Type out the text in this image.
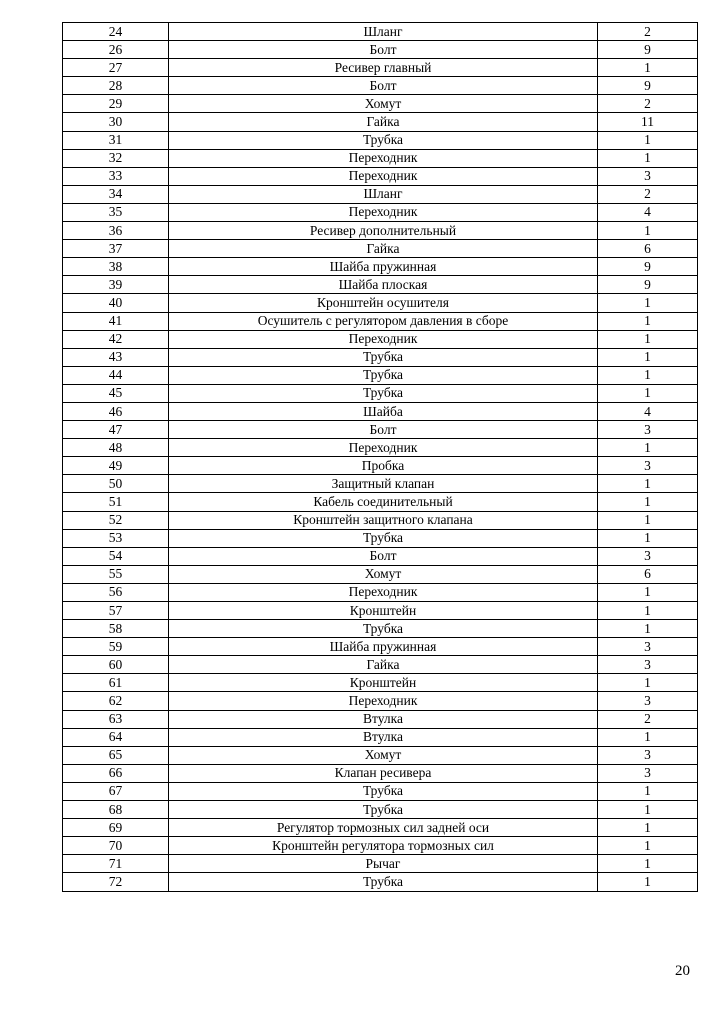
24	Шланг	2
26	Болт	9
27	Ресивер главный	1
28	Болт	9
29	Хомут	2
30	Гайка	11
31	Трубка	1
32	Переходник	1
33	Переходник	3
34	Шланг	2
35	Переходник	4
36	Ресивер дополнительный	1
37	Гайка	6
38	Шайба пружинная	9
39	Шайба плоская	9
40	Кронштейн осушителя	1
41	Осушитель с регулятором давления в сборе	1
42	Переходник	1
43	Трубка	1
44	Трубка	1
45	Трубка	1
46	Шайба	4
47	Болт	3
48	Переходник	1
49	Пробка	3
50	Защитный клапан	1
51	Кабель соединительный	1
52	Кронштейн защитного клапана	1
53	Трубка	1
54	Болт	3
55	Хомут	6
56	Переходник	1
57	Кронштейн	1
58	Трубка	1
59	Шайба пружинная	3
60	Гайка	3
61	Кронштейн	1
62	Переходник	3
63	Втулка	2
64	Втулка	1
65	Хомут	3
66	Клапан ресивера	3
67	Трубка	1
68	Трубка	1
69	Регулятор тормозных сил задней оси	1
70	Кронштейн регулятора тормозных сил	1
71	Рычаг	1
72	Трубка	1
20
